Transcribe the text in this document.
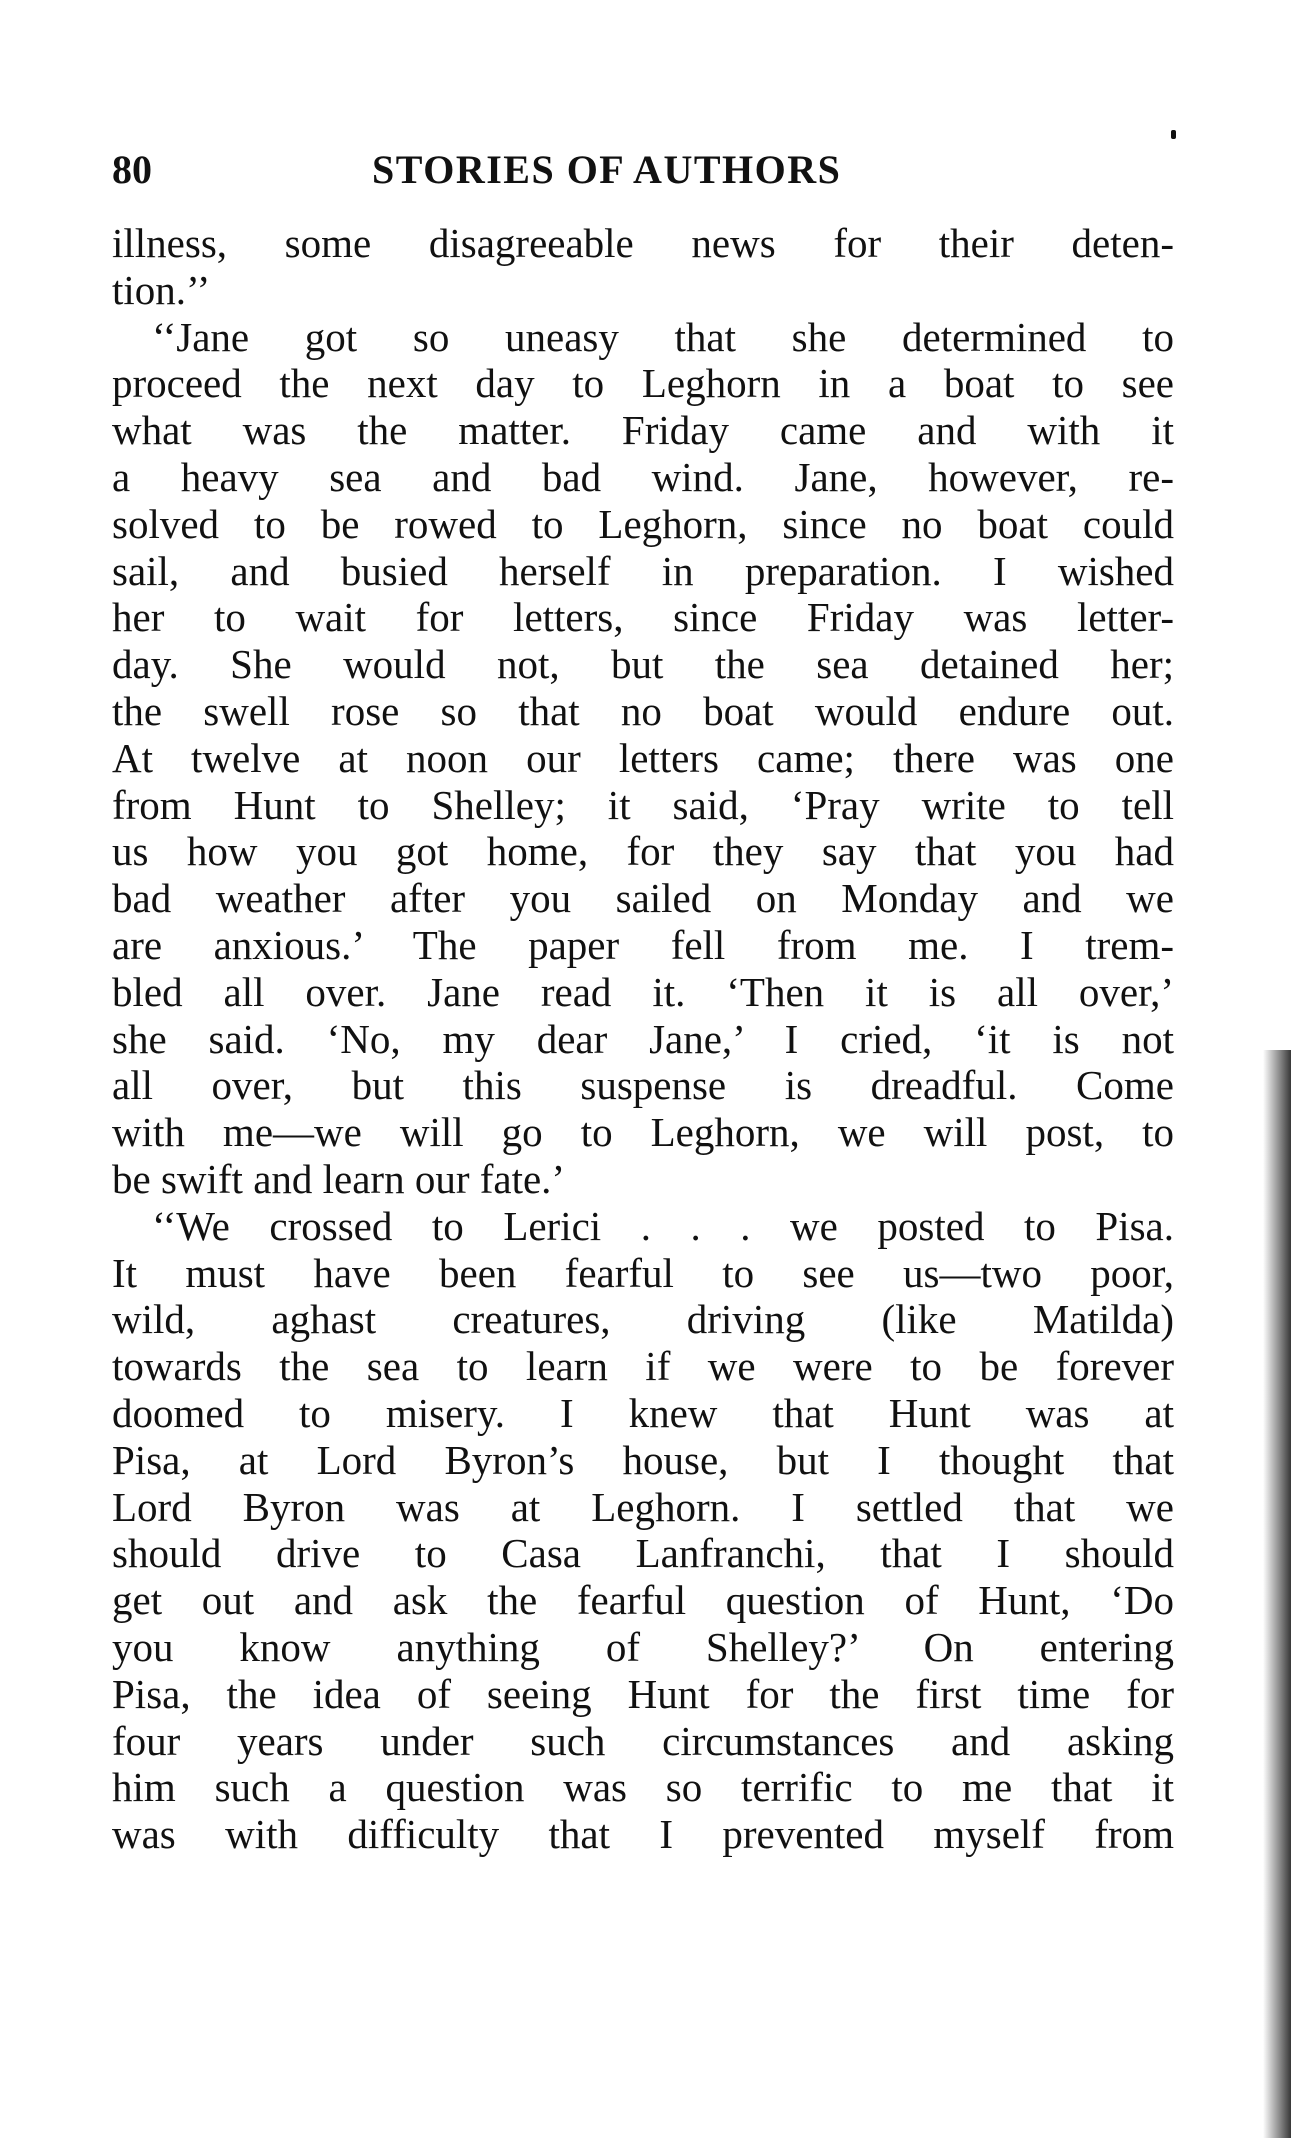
80	STORIES OF AUTHORS
illness, some disagreeable news for their deten-
tion.’’
‘‘Jane got so uneasy that she determined to
proceed the next day to Leghorn in a boat to see
what was the matter. Friday came and with it
a heavy sea and bad wind. Jane, however, re-
solved to be rowed to Leghorn, since no boat could
sail, and busied herself in preparation. I wished
her to wait for letters, since Friday was letter-
day. She would not, but the sea detained her;
the swell rose so that no boat would endure out.
At twelve at noon our letters came; there was one
from Hunt to Shelley; it said, ‘Pray write to tell
us how you got home, for they say that you had
bad weather after you sailed on Monday and we
are anxious.’ The paper fell from me. I trem-
bled all over. Jane read it. ‘Then it is all over,’
she said. ‘No, my dear Jane,’ I cried, ‘it is not
all over, but this suspense is dreadful. Come
with me—we will go to Leghorn, we will post, to
be swift and learn our fate.’
‘‘We crossed to Lerici . . . we posted to Pisa.
It must have been fearful to see us—two poor,
wild, aghast creatures, driving (like Matilda)
towards the sea to learn if we were to be forever
doomed to misery. I knew that Hunt was at
Pisa, at Lord Byron’s house, but I thought that
Lord Byron was at Leghorn. I settled that we
should drive to Casa Lanfranchi, that I should
get out and ask the fearful question of Hunt, ‘Do
you know anything of Shelley?’ On entering
Pisa, the idea of seeing Hunt for the first time for
four years under such circumstances and asking
him such a question was so terrific to me that it
was with difficulty that I prevented myself from
